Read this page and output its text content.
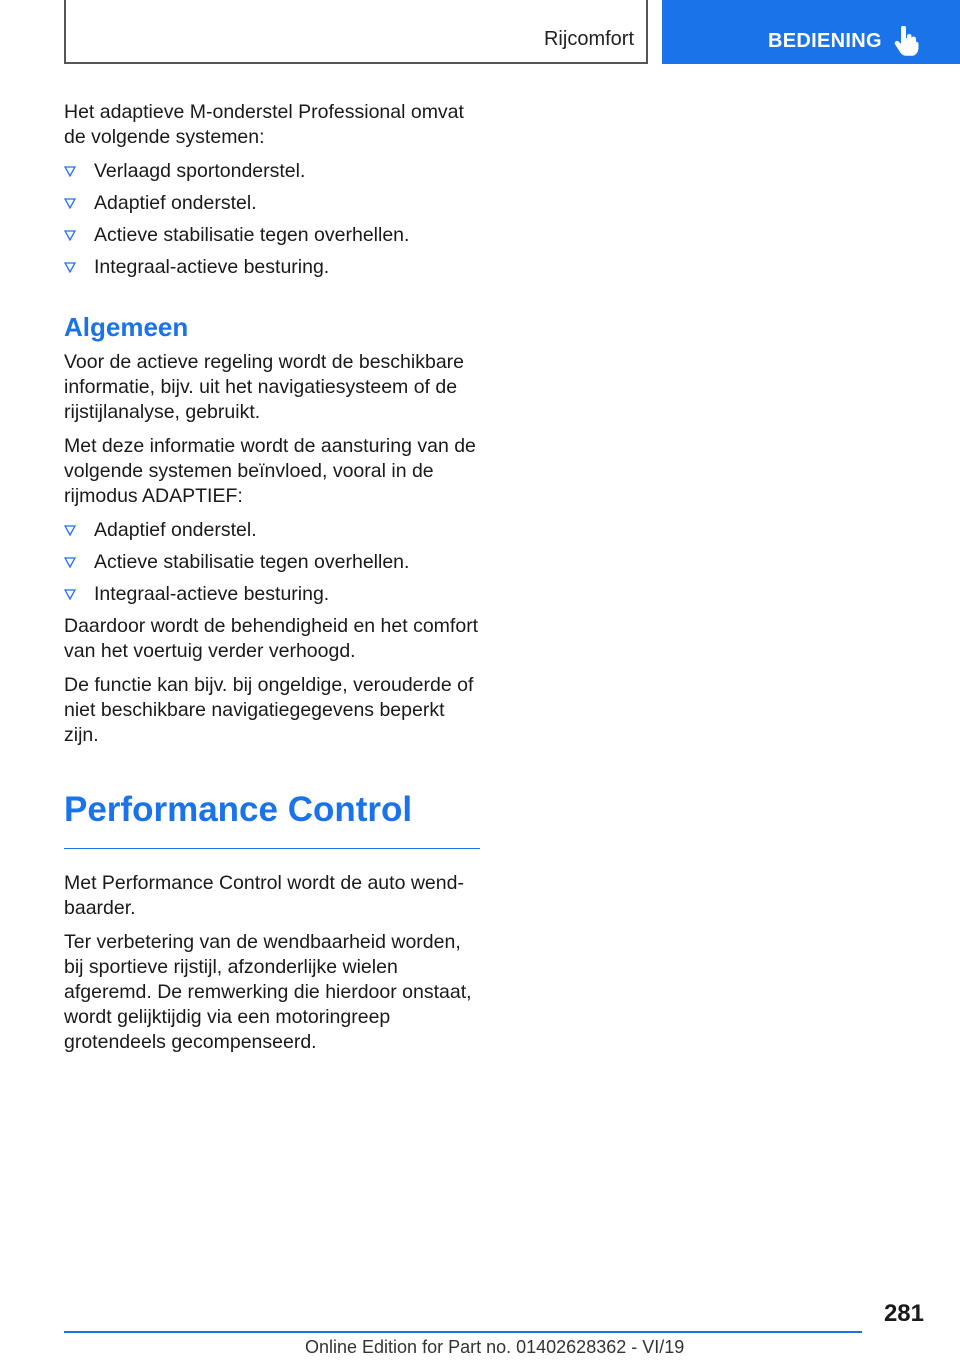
Rijcomfort	BEDIENING

Het adaptieve M-onderstel Professional omvat de volgende systemen:

Verlaagd sportonderstel.
Adaptief onderstel.
Actieve stabilisatie tegen overhellen.
Integraal-actieve besturing.
Algemeen

Voor de actieve regeling wordt de beschikbare informatie, bijv. uit het navigatiesysteem of de rijstijlanalyse, gebruikt.

Met deze informatie wordt de aansturing van de volgende systemen beïnvloed, vooral in de rijmodus ADAPTIEF:

Adaptief onderstel.
Actieve stabilisatie tegen overhellen.
Integraal-actieve besturing.

Daardoor wordt de behendigheid en het comfort van het voertuig verder verhoogd.

De functie kan bijv. bij ongeldige, verouderde of niet beschikbare navigatiegegevens beperkt zijn.

Performance Control

Met Performance Control wordt de auto wendbaarder.

Ter verbetering van de wendbaarheid worden, bij sportieve rijstijl, afzonderlijke wielen afgeremd. De remwerking die hierdoor onstaat, wordt gelijktijdig via een motoringreep grotendeels gecompenseerd.

281
Online Edition for Part no. 01402628362 - VI/19
